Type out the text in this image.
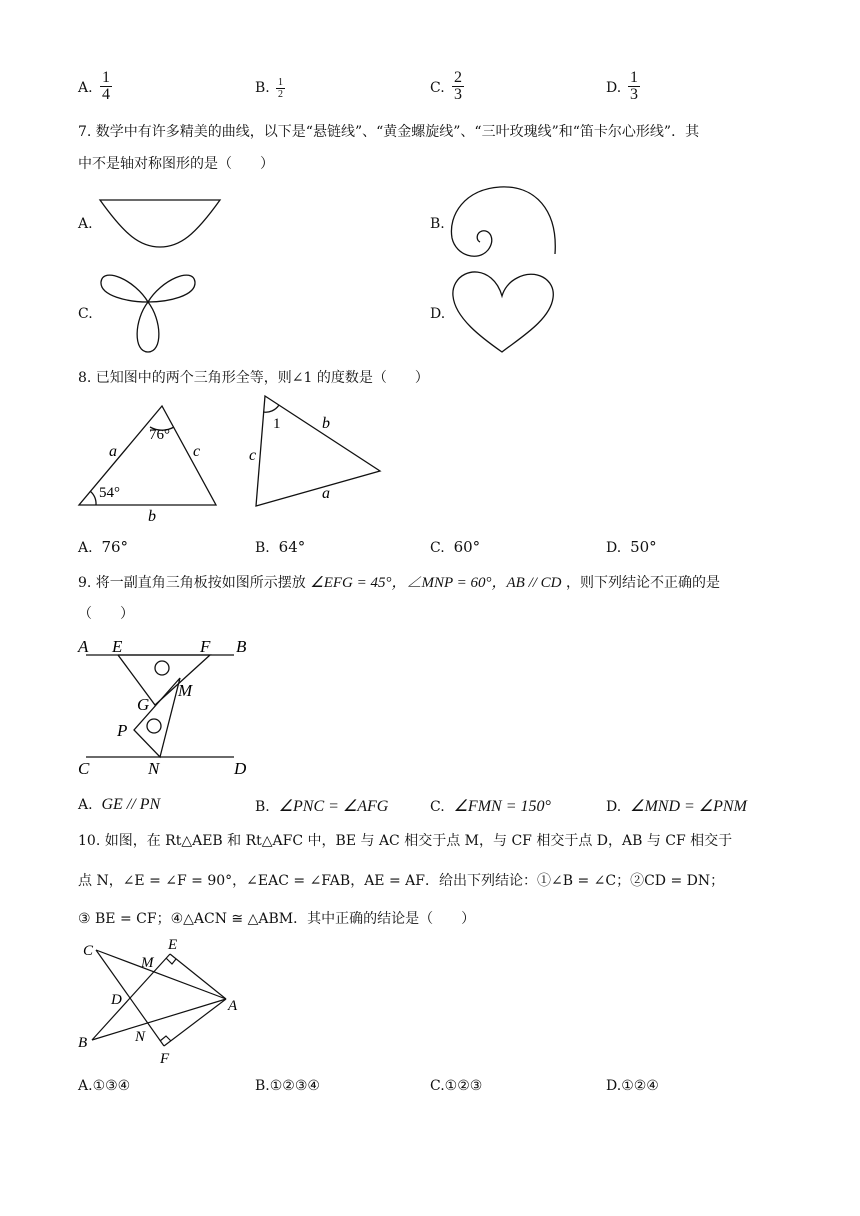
A.
1
4	B. 1
2	C.
2
3	D.
1
3
7. 数学中有许多精美的曲线，以下是“悬链线”、“黄金螺旋线”、“三叶玫瑰线”和“笛卡尔心形线”．其
中不是轴对称图形的是（　　）
A.	B.
C.	D.
8. 已知图中的两个三角形全等，则∠1 的度数是（　　）
76°
54°
a	c
b
1	b
c
a
A. 76°	B. 64°	C. 60°	D. 50°
9. 将一副直角三角板按如图所示摆放 ∠EFG = 45°，∠MNP = 60°，AB // CD ，则下列结论不正确的是
（　　）
A E	F B
G
M
P
C	N	D
A. GE // PN	B. ∠PNC = ∠AFG	C. ∠FMN = 150°	D. ∠MND = ∠PNM
10. 如图，在 Rt△AEB 和 Rt△AFC 中，BE 与 AC 相交于点 M，与 CF 相交于点 D，AB 与 CF 相交于
点 N，∠E = ∠F = 90°，∠EAC = ∠FAB，AE = AF．给出下列结论：①∠B = ∠C；②CD = DN；
③ BE = CF；④△ACN ≅ △ABM．其中正确的结论是（　　）
C	E
M
D	A
B	N
F
A.①③④	B.①②③④	C.①②③	D.①②④
